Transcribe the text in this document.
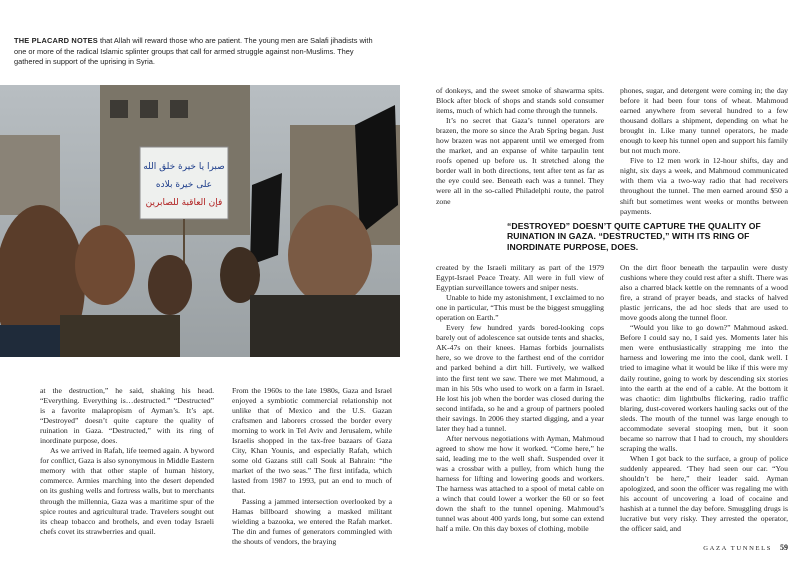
THE PLACARD NOTES that Allah will reward those who are patient. The young men are Salafi jihadists with one or more of the radical Islamic splinter groups that call for armed struggle against non-Muslims. They gathered in support of the uprising in Syria.
صبرا يا خيرة خلق الله
على خيرة بلاده
فإن العاقبة للصابرين

at the destruction,” he said, shaking his head. “Everything. Everything is…destructed.” “Destructed” is a favorite malapropism of Ayman’s. It’s apt. “Destroyed” doesn’t quite capture the quality of ruination in Gaza. “Destructed,” with its ring of inordinate purpose, does.

As we arrived in Rafah, life teemed again. A byword for conflict, Gaza is also synonymous in Middle Eastern memory with that other staple of human history, commerce. Armies marching into the desert depended on its gushing wells and fortress walls, but to merchants through the millennia, Gaza was a maritime spur of the spice routes and agricultural trade. Travelers sought out its cheap tobacco and brothels, and even today Israeli chefs covet its strawberries and quail.

From the 1960s to the late 1980s, Gaza and Israel enjoyed a symbiotic commercial relationship not unlike that of Mexico and the U.S. Gazan craftsmen and laborers crossed the border every morning to work in Tel Aviv and Jerusalem, while Israelis shopped in the tax-free bazaars of Gaza City, Khan Younis, and especially Rafah, which some old Gazans still call Souk al Bahrain: “the market of the two seas.” The first intifada, which lasted from 1987 to 1993, put an end to much of that.

Passing a jammed intersection overlooked by a Hamas billboard showing a masked militant wielding a bazooka, we entered the Rafah market. The din and fumes of generators commingled with the shouts of vendors, the braying

of donkeys, and the sweet smoke of shawarma spits. Block after block of shops and stands sold consumer items, much of which had come through the tunnels.

It’s no secret that Gaza’s tunnel operators are brazen, the more so since the Arab Spring began. Just how brazen was not apparent until we emerged from the market, and an expanse of white tarpaulin tent roofs opened up before us. It stretched along the border wall in both directions, tent after tent as far as the eye could see. Beneath each was a tunnel. They were all in the so-called Philadelphi route, the patrol zone

phones, sugar, and detergent were coming in; the day before it had been four tons of wheat. Mahmoud earned anywhere from several hundred to a few thousand dollars a shipment, depending on what he brought in. Like many tunnel operators, he made enough to keep his tunnel open and support his family but not much more.

Five to 12 men work in 12-hour shifts, day and night, six days a week, and Mahmoud communicated with them via a two-way radio that had receivers throughout the tunnel. The men earned around $50 a shift but sometimes went weeks or months between payments.

“DESTROYED” DOESN’T QUITE CAPTURE THE QUALITY OF RUINATION IN GAZA. “DESTRUCTED,” WITH ITS RING OF INORDINATE PURPOSE, DOES.

created by the Israeli military as part of the 1979 Egypt-Israel Peace Treaty. All were in full view of Egyptian surveillance towers and sniper nests.

Unable to hide my astonishment, I exclaimed to no one in particular, “This must be the biggest smuggling operation on Earth.”

Every few hundred yards bored-looking cops barely out of adolescence sat outside tents and shacks, AK-47s on their knees. Hamas forbids journalists here, so we drove to the farthest end of the corridor and parked behind a dirt hill. Furtively, we walked into the first tent we saw. There we met Mahmoud, a man in his 50s who used to work on a farm in Israel. He lost his job when the border was closed during the second intifada, so he and a group of partners pooled their savings. In 2006 they started digging, and a year later they had a tunnel.

After nervous negotiations with Ayman, Mahmoud agreed to show me how it worked. “Come here,” he said, leading me to the well shaft. Suspended over it was a crossbar with a pulley, from which hung the harness for lifting and lowering goods and workers. The harness was attached to a spool of metal cable on a winch that could lower a worker the 60 or so feet down the shaft to the tunnel opening. Mahmoud’s tunnel was about 400 yards long, but some can extend half a mile. On this day boxes of clothing, mobile

On the dirt floor beneath the tarpaulin were dusty cushions where they could rest after a shift. There was also a charred black kettle on the remnants of a wood fire, a strand of prayer beads, and stacks of halved plastic jerricans, the ad hoc sleds that are used to move goods along the tunnel floor.

“Would you like to go down?” Mahmoud asked. Before I could say no, I said yes. Moments later his men were enthusiastically strapping me into the harness and lowering me into the cool, dank well. I tried to imagine what it would be like if this were my daily routine, going to work by descending six stories into the earth at the end of a cable. At the bottom it was chaotic: dim lightbulbs flickering, radio traffic blaring, dust-covered workers hauling sacks out of the sleds. The mouth of the tunnel was large enough to accommodate several stooping men, but it soon became so narrow that I had to crouch, my shoulders scraping the walls.

When I got back to the surface, a group of police suddenly appeared. ‘They had seen our car. “You shouldn’t be here,” their leader said. Ayman apologized, and soon the officer was regaling me with his account of uncovering a load of cocaine and hashish at a tunnel the day before. Smuggling drugs is lucrative but very risky. They arrested the operator, the officer said, and

GAZA TUNNELS 59
